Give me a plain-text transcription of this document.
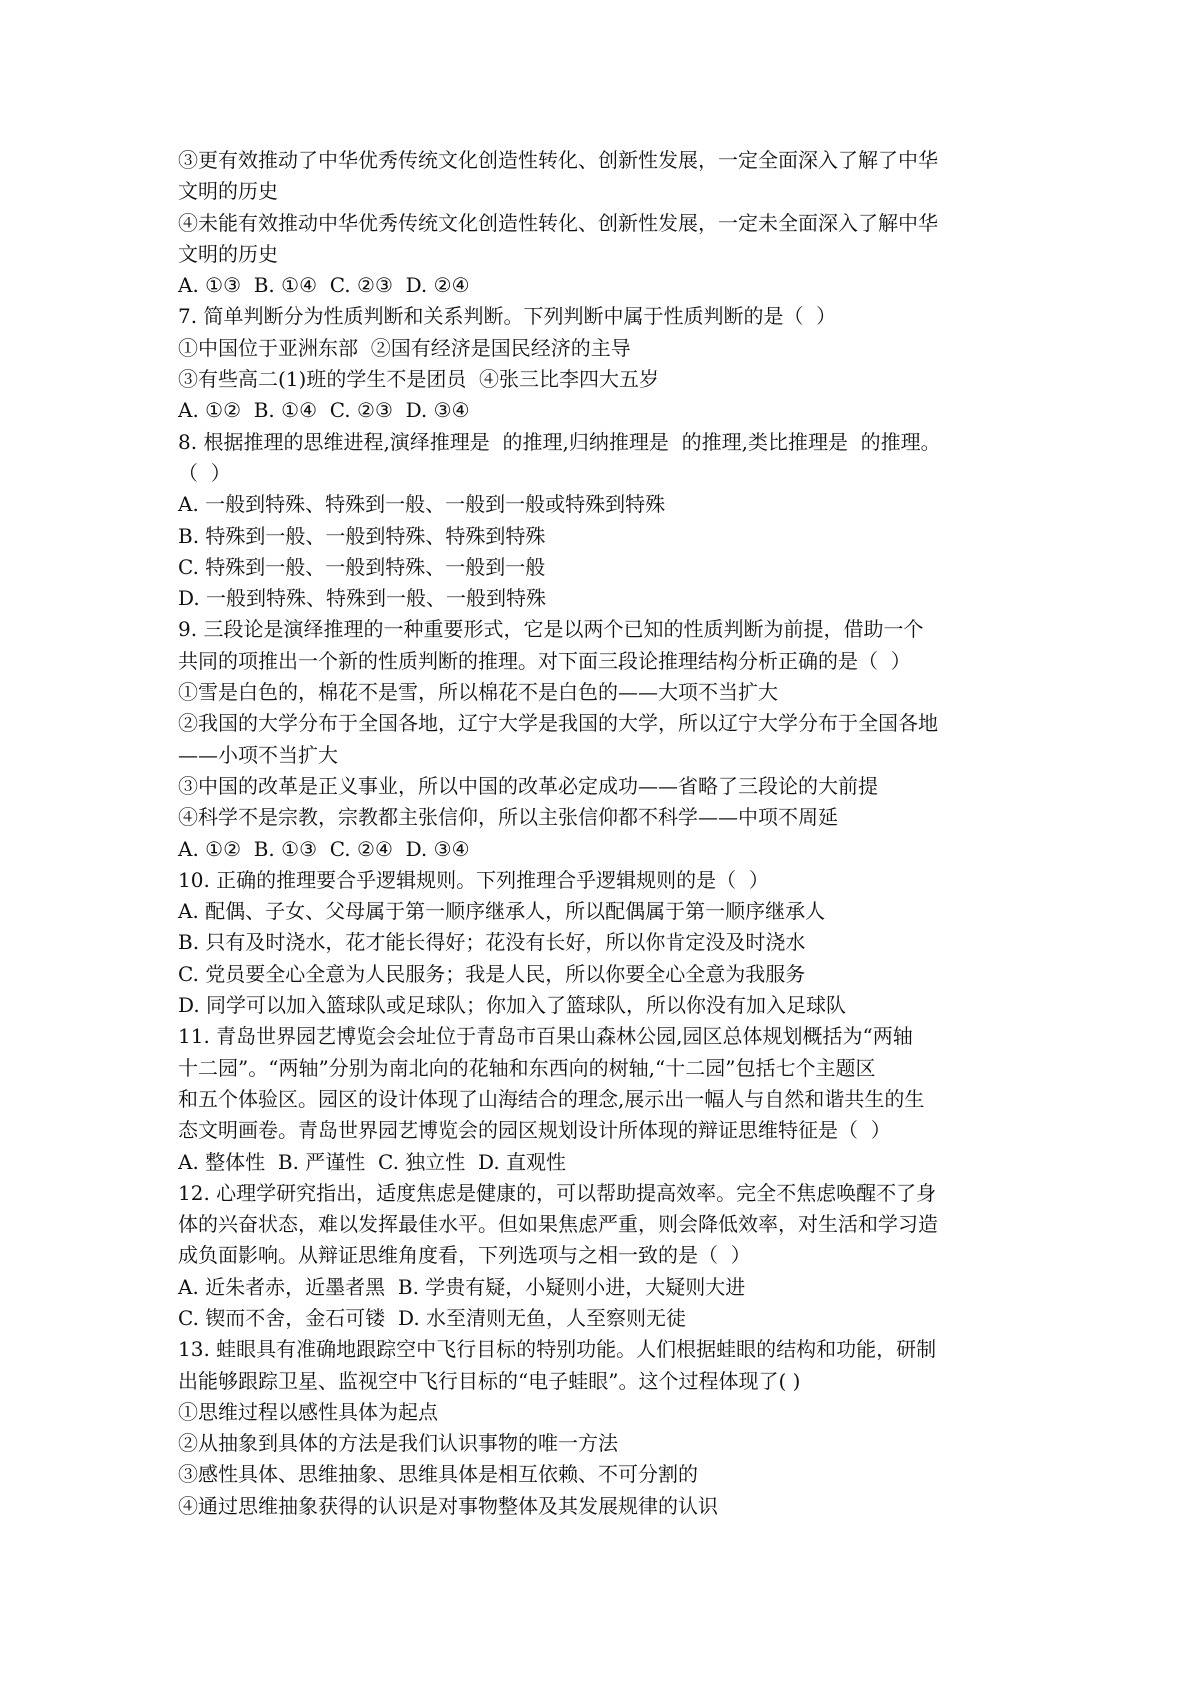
③更有效推动了中华优秀传统文化创造性转化、创新性发展，一定全面深入了解了中华
文明的历史
④未能有效推动中华优秀传统文化创造性转化、创新性发展，一定未全面深入了解中华
文明的历史
A. ①③  B. ①④  C. ②③  D. ②④
7. 简单判断分为性质判断和关系判断。下列判断中属于性质判断的是（  ）
①中国位于亚洲东部  ②国有经济是国民经济的主导
③有些高二(1)班的学生不是团员  ④张三比李四大五岁
A. ①②  B. ①④  C. ②③  D. ③④
8. 根据推理的思维进程,演绎推理是  的推理,归纳推理是  的推理,类比推理是  的推理。
（  ）
A. 一般到特殊、特殊到一般、一般到一般或特殊到特殊
B. 特殊到一般、一般到特殊、特殊到特殊
C. 特殊到一般、一般到特殊、一般到一般
D. 一般到特殊、特殊到一般、一般到特殊
9. 三段论是演绎推理的一种重要形式，它是以两个已知的性质判断为前提，借助一个
共同的项推出一个新的性质判断的推理。对下面三段论推理结构分析正确的是（  ）
①雪是白色的，棉花不是雪，所以棉花不是白色的——大项不当扩大
②我国的大学分布于全国各地，辽宁大学是我国的大学，所以辽宁大学分布于全国各地
——小项不当扩大
③中国的改革是正义事业，所以中国的改革必定成功——省略了三段论的大前提
④科学不是宗教，宗教都主张信仰，所以主张信仰都不科学——中项不周延
A. ①②  B. ①③  C. ②④  D. ③④
10. 正确的推理要合乎逻辑规则。下列推理合乎逻辑规则的是（  ）
A. 配偶、子女、父母属于第一顺序继承人，所以配偶属于第一顺序继承人
B. 只有及时浇水，花才能长得好；花没有长好，所以你肯定没及时浇水
C. 党员要全心全意为人民服务；我是人民，所以你要全心全意为我服务
D. 同学可以加入篮球队或足球队；你加入了篮球队，所以你没有加入足球队
11. 青岛世界园艺博览会会址位于青岛市百果山森林公园,园区总体规划概括为“两轴
十二园”。“两轴”分别为南北向的花轴和东西向的树轴,“十二园”包括七个主题区
和五个体验区。园区的设计体现了山海结合的理念,展示出一幅人与自然和谐共生的生
态文明画卷。青岛世界园艺博览会的园区规划设计所体现的辩证思维特征是（  ）
A. 整体性  B. 严谨性  C. 独立性  D. 直观性
12. 心理学研究指出，适度焦虑是健康的，可以帮助提高效率。完全不焦虑唤醒不了身
体的兴奋状态，难以发挥最佳水平。但如果焦虑严重，则会降低效率，对生活和学习造
成负面影响。从辩证思维角度看，下列选项与之相一致的是（  ）
A. 近朱者赤，近墨者黑  B. 学贵有疑，小疑则小进，大疑则大进
C. 锲而不舍，金石可镂  D. 水至清则无鱼，人至察则无徒
13. 蛙眼具有准确地跟踪空中飞行目标的特别功能。人们根据蛙眼的结构和功能，研制
出能够跟踪卫星、监视空中飞行目标的“电子蛙眼”。这个过程体现了( )
①思维过程以感性具体为起点
②从抽象到具体的方法是我们认识事物的唯一方法
③感性具体、思维抽象、思维具体是相互依赖、不可分割的
④通过思维抽象获得的认识是对事物整体及其发展规律的认识
